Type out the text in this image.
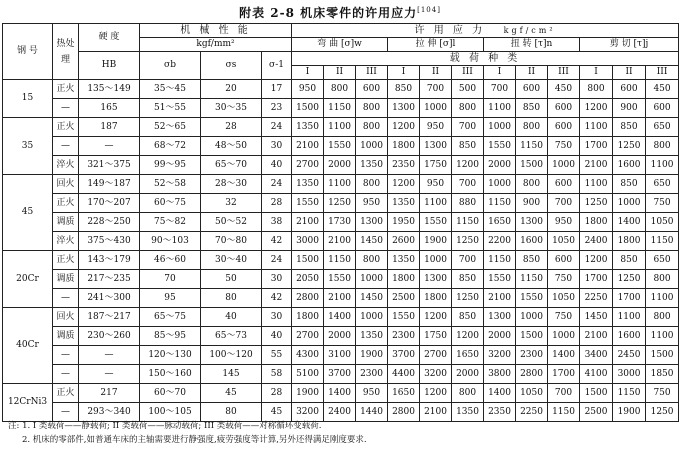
附表 2-8 机床零件的许用应力[104]
钢 号	热处理	硬 度	机 械 性 能			许 用 应 力 kgf/cm²											
			kgf/mm²			弯 曲 [σ]w			拉 伸 [σ]l			扭 转 [τ]n			剪 切 [τ]j		
		HB	σb	σs	σ-1	载 荷 种 类											
						I	II	III	I	II	III	I	II	III	I	II	III
15	正火	135～149	35～45	20	17	950	800	600	850	700	500	700	600	450	800	600	450
	—	165	51～55	30～35	23	1500	1150	800	1300	1000	800	1100	850	600	1200	900	600
35	正火	187	52～65	28	24	1350	1100	800	1200	950	700	1000	800	600	1100	850	650
	—	—	68～72	48～50	30	2100	1550	1000	1800	1300	850	1550	1150	750	1700	1250	800
	淬火	321～375	99～95	65～70	40	2700	2000	1350	2350	1750	1200	2000	1500	1000	2100	1600	1100
45	回火	149～187	52～58	28～30	24	1350	1100	800	1200	950	700	1000	800	600	1100	850	650
	正火	170～207	60～75	32	28	1550	1250	950	1350	1100	880	1150	900	700	1250	1000	750
	调质	228～250	75～82	50～52	38	2100	1730	1300	1950	1550	1150	1650	1300	950	1800	1400	1050
	淬火	375～430	90～103	70～80	42	3000	2100	1450	2600	1900	1250	2200	1600	1050	2400	1800	1150
20Cr	正火	143～179	46～60	30～40	24	1500	1150	800	1350	1000	700	1150	850	600	1200	850	650
	调质	217～235	70	50	30	2050	1550	1000	1800	1300	850	1550	1150	750	1700	1250	800
	—	241～300	95	80	42	2800	2100	1450	2500	1800	1250	2100	1550	1050	2250	1700	1100
40Cr	回火	187～217	65～75	40	30	1800	1400	1000	1550	1200	850	1300	1000	750	1450	1100	800
	调质	230～260	85～95	65～73	40	2700	2000	1350	2300	1750	1200	2000	1500	1000	2100	1600	1100
	—	—	120～130	100～120	55	4300	3100	1900	3700	2700	1650	3200	2300	1400	3400	2450	1500
	—	—	150～160	145	58	5100	3700	2300	4400	3200	2000	3800	2800	1700	4100	3000	1850
12CrNi3	正火	217	60～70	45	28	1900	1400	950	1650	1200	800	1400	1050	700	1500	1150	750
	—	293～340	100～105	80	45	3200	2400	1440	2800	2100	1350	2350	2250	1150	2500	1900	1250
注: 1. I 类载荷——静载荷; II 类载荷——脉动载荷; III 类载荷——对称循环变载荷.
2. 机床的零部件,如普通车床的主轴需要进行静强度,疲劳强度等计算,另外还得满足刚度要求.
